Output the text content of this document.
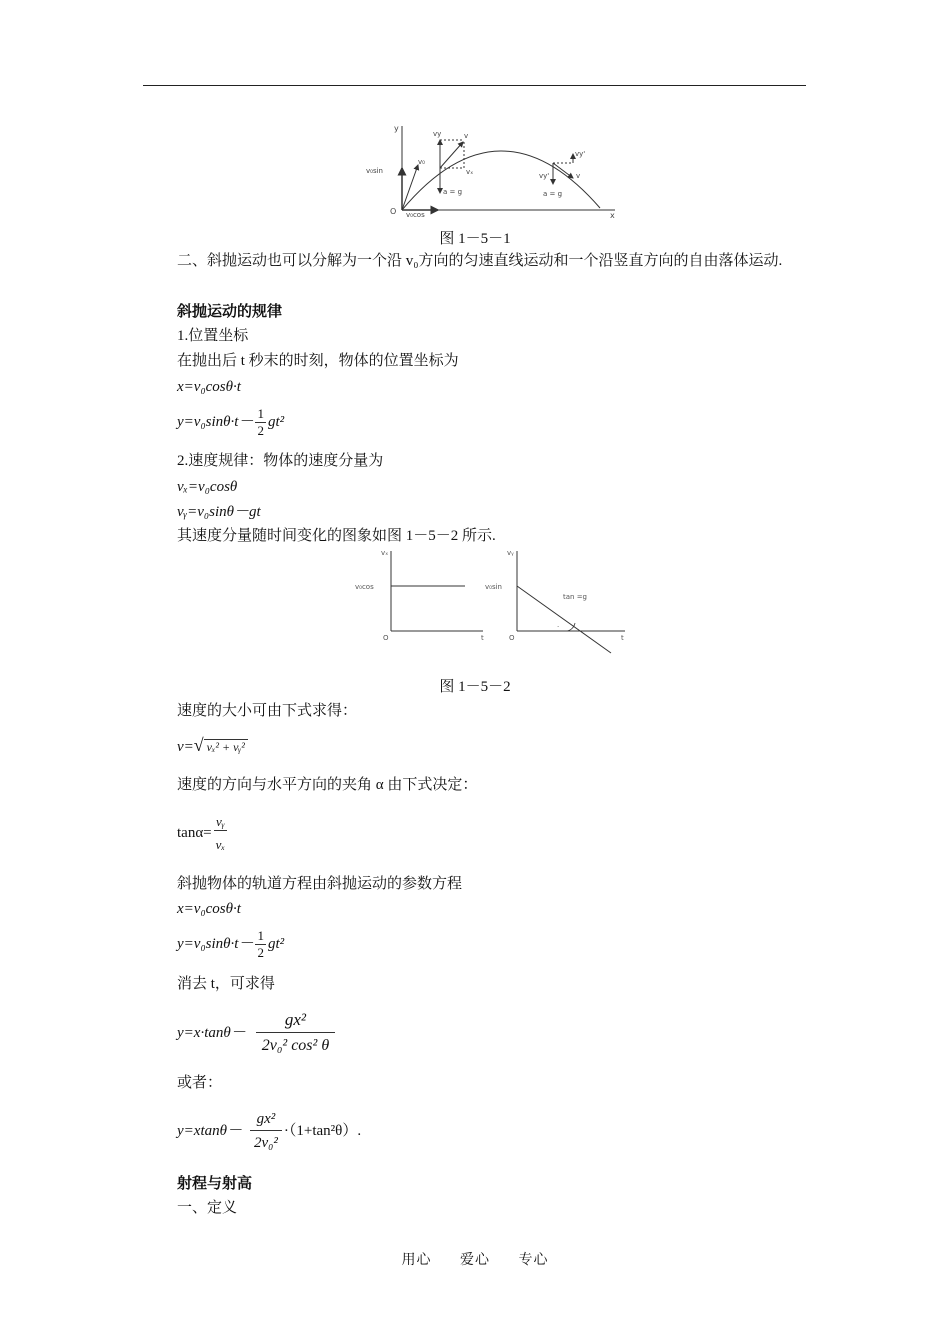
y
x
O
v₀sin
v₀
v₀cos
vy	v
vₓ
a = g
vy'
v
vy'
a = g
图 1－5－1
二、斜抛运动也可以分解为一个沿 v₀方向的匀速直线运动和一个沿竖直方向的自由落体运动.
斜抛运动的规律
1.位置坐标
在抛出后 t 秒末的时刻，物体的位置坐标为
x=v₀cosθ·t
$y=v_0\sin\theta\cdot t- \frac{1}{2} gt^2$
2.速度规律：物体的速度分量为
vₓ=v₀cosθ
vᵧ=v₀sinθ－gt
其速度分量随时间变化的图象如图 1－5－2 所示.
vₓ
v₀cos
O	t
vᵧ
v₀sin
tan =g
.
O	t
图 1－5－2
速度的大小可由下式求得：
v=√ vₓ² + vᵧ²
速度的方向与水平方向的夹角 α 由下式决定：
$\tan\alpha= \frac{\text{vᵧ}}{\text{vₓ}}$
斜抛物体的轨道方程由斜抛运动的参数方程
x=v₀cosθ·t
$y=v_0\sin\theta\cdot t- \frac{1}{2} gt^2$
消去 t，可求得
$y=x\cdot\tan\theta- \frac{\text{gx²}}{\text{2v₀² cos² θ}}$
或者：
$y=xtan\theta- \frac{\text{gx²}}{\text{2v₀²}} \cdot(1+\tan^2\theta)$.
射程与射高
一、定义
用心 爱心 专心
